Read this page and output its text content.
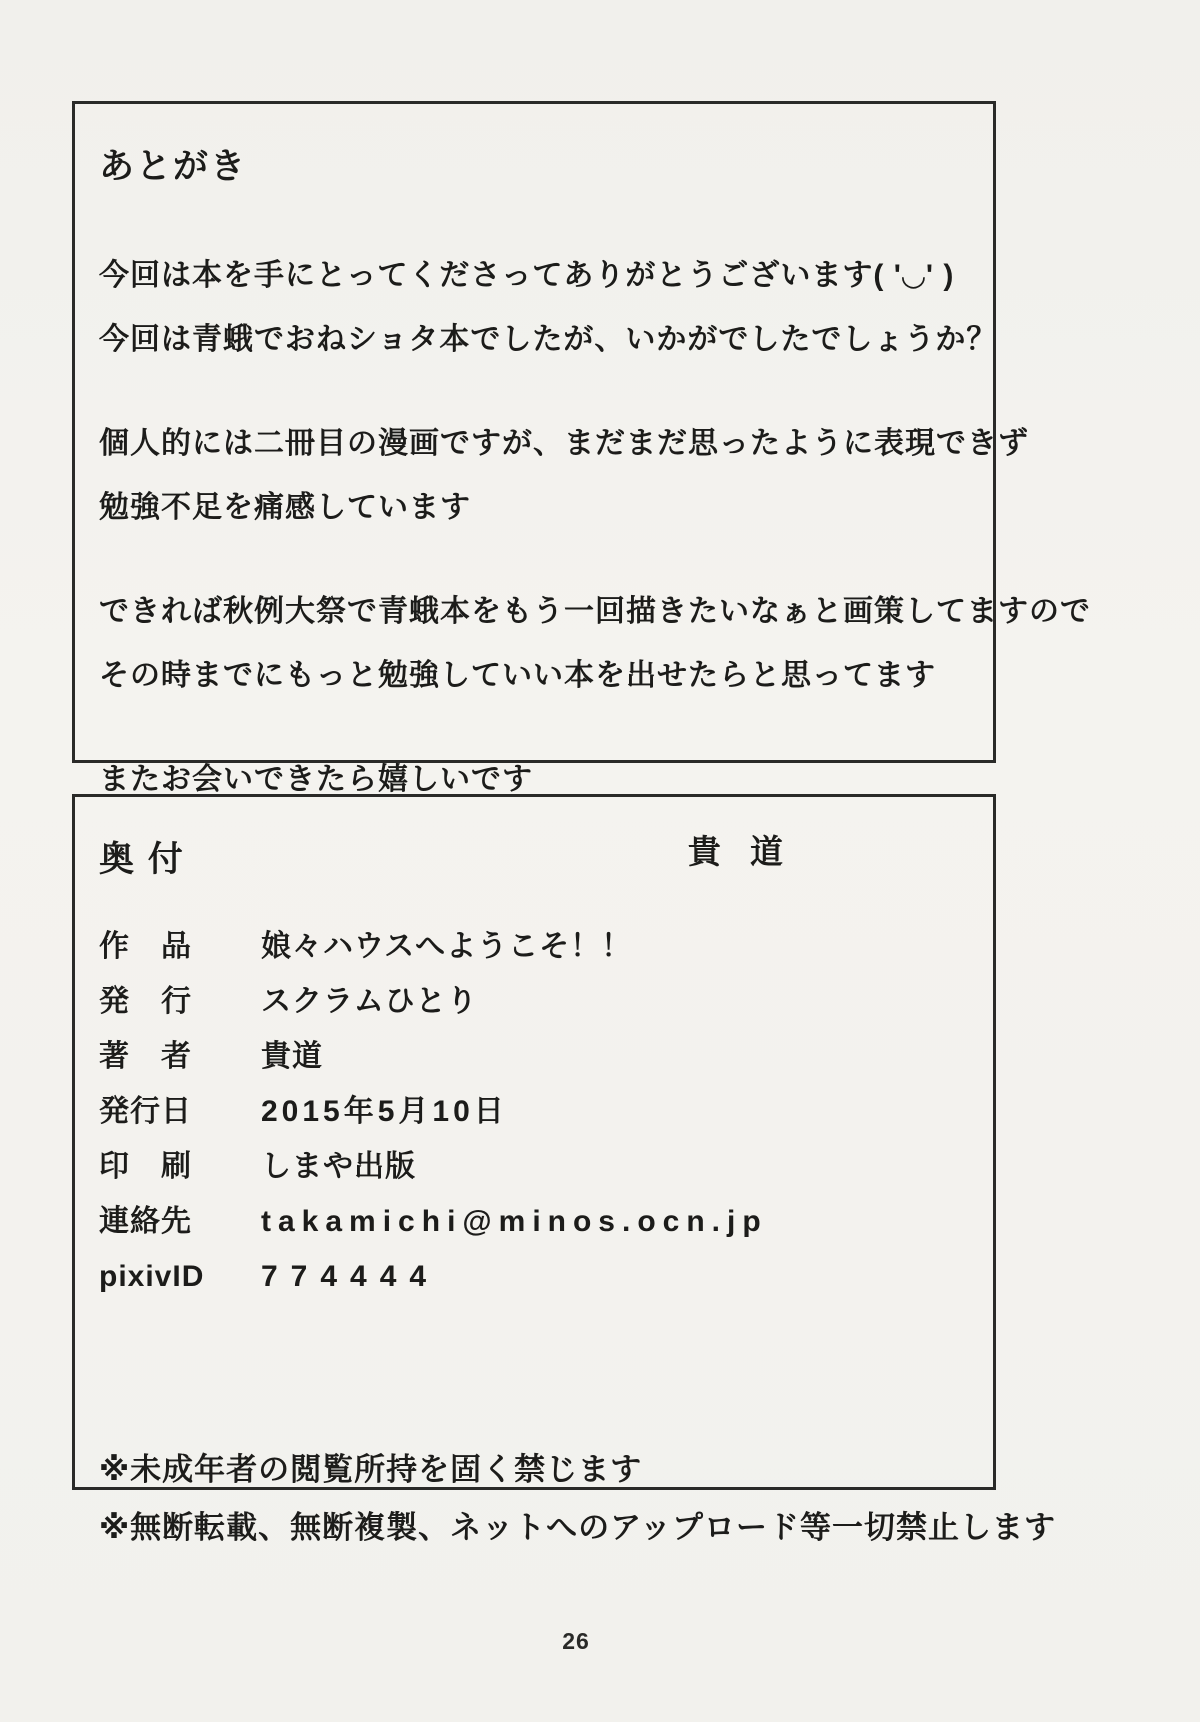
あとがき
今回は本を手にとってくださってありがとうございます( '◡' )
今回は青蛾でおねショタ本でしたが、いかがでしたでしょうか？
個人的には二冊目の漫画ですが、まだまだ思ったように表現できず
勉強不足を痛感しています
できれば秋例大祭で青蛾本をもう一回描きたいなぁと画策してますので
その時までにもっと勉強していい本を出せたらと思ってます
またお会いできたら嬉しいです
貴 道
奥 付
作　品	娘々ハウスへようこそ！！
発　行	スクラムひとり
著　者	貴道
発行日	2015年5月10日
印　刷	しまや出版
連絡先	takamichi@minos.ocn.jp
pixivID	774444
※未成年者の閲覧所持を固く禁じます
※無断転載、無断複製、ネットへのアップロード等一切禁止します
26
